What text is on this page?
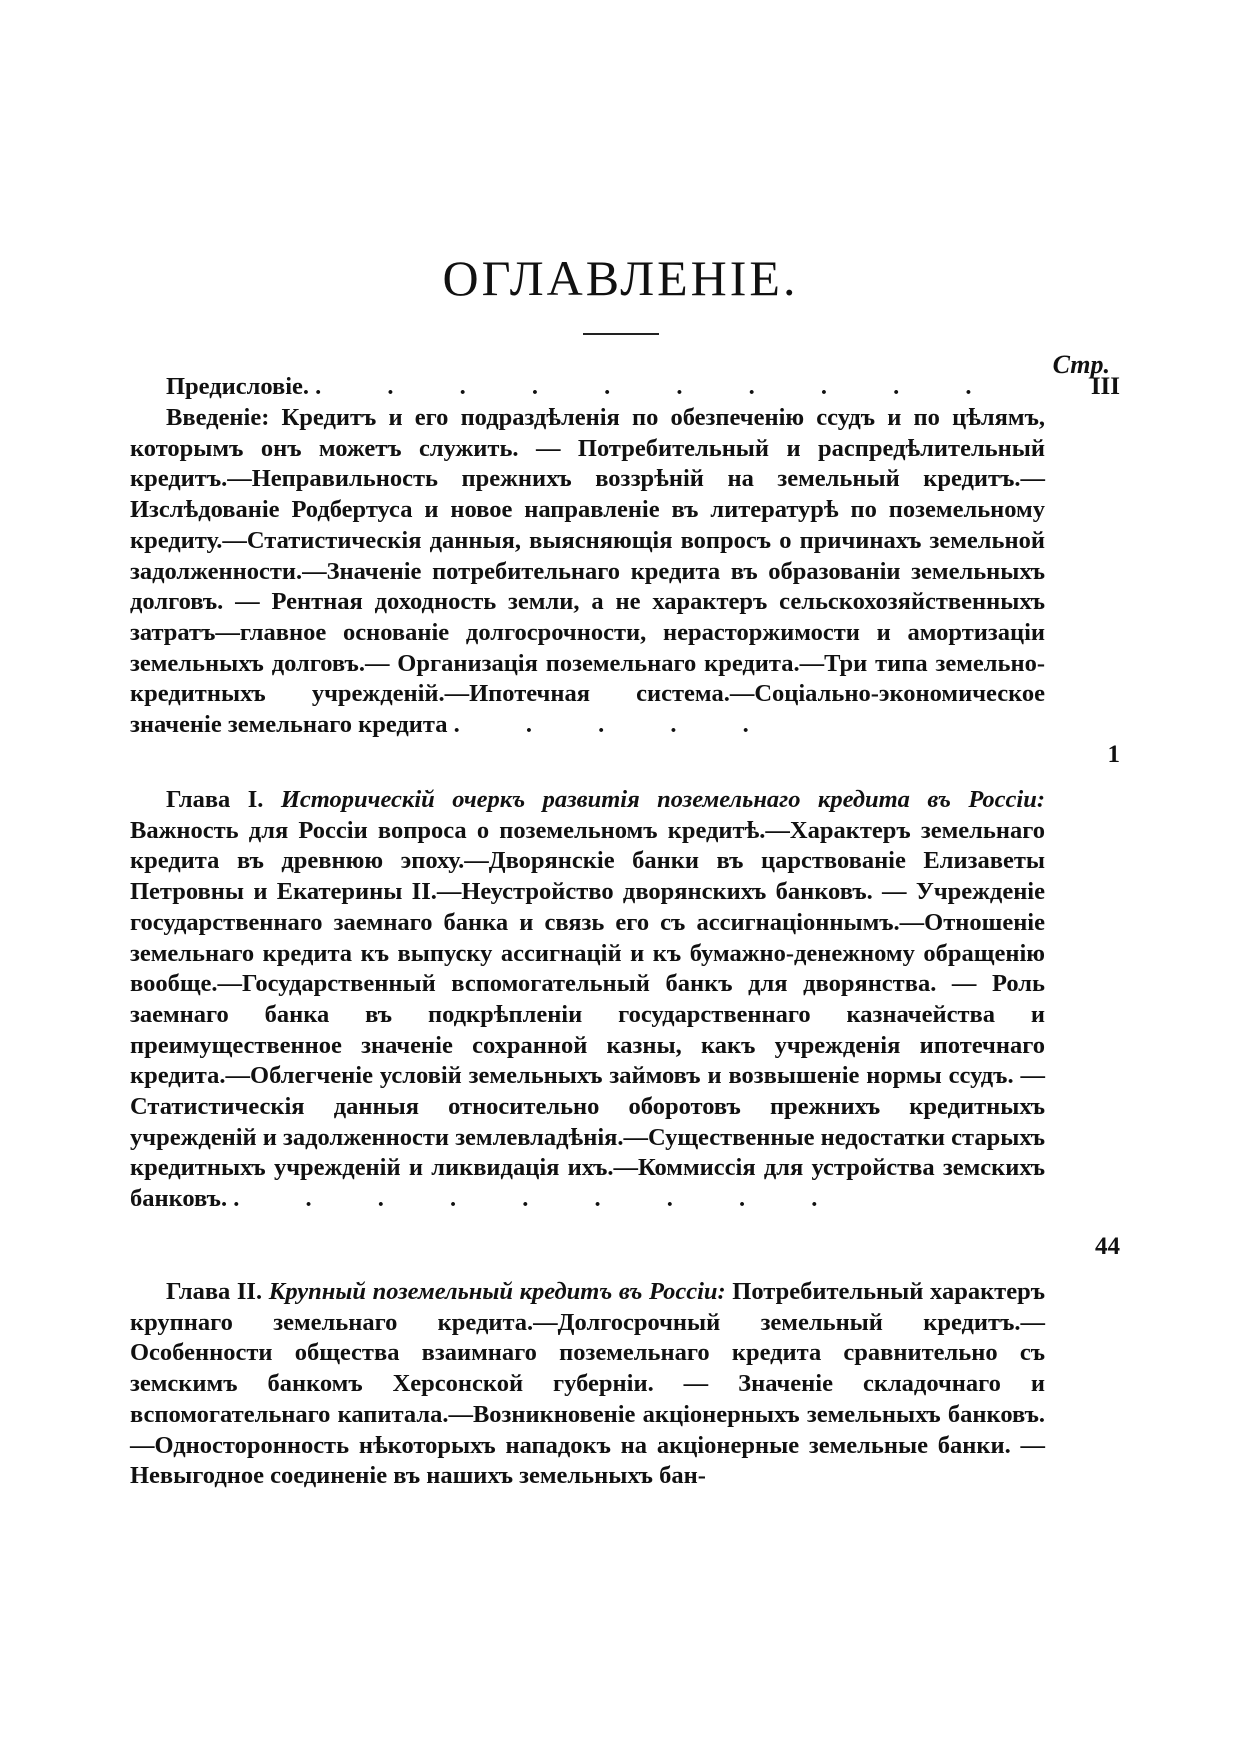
ОГЛАВЛЕНІЕ.
Стр.
Предисловіе. . . . . . . . . . .	III
Введеніе: Кредитъ и его подраздѣленія по обезпеченію ссудъ и по цѣлямъ, которымъ онъ можетъ служить. — Потребительный и распредѣлительный кредитъ.—Неправильность прежнихъ воззрѣній на земельный кредитъ.— Изслѣдованіе Родбертуса и новое направленіе въ литературѣ по поземельному кредиту.—Статистическія данныя, выясняющія вопросъ о причинахъ земельной задолженности.—Значеніе потребительнаго кредита въ образованіи земельныхъ долговъ. — Рентная доходность земли, а не характеръ сельскохозяйственныхъ затратъ—главное основаніе долгосрочности, нерасторжимости и амортизаціи земельныхъ долговъ.— Организація поземельнаго кредита.—Три типа земельно-кредитныхъ учрежденій.—Ипотечная система.—Соціально-экономическое значеніе земельнаго кредита . . . . .
1
Глава I. Историческій очеркъ развитія поземельнаго кредита въ Россіи: Важность для Россіи вопроса о поземельномъ кредитѣ.—Характеръ земельнаго кредита въ древнюю эпоху.—Дворянскіе банки въ царствованіе Елизаветы Петровны и Екатерины II.—Неустройство дворянскихъ банковъ. — Учрежденіе государственнаго заемнаго банка и связь его съ ассигнаціоннымъ.—Отношеніе земельнаго кредита къ выпуску ассигнацій и къ бумажно-денежному обращенію вообще.—Государственный вспомогательный банкъ для дворянства. — Роль заемнаго банка въ подкрѣпленіи государственнаго казначейства и преимущественное значеніе сохранной казны, какъ учрежденія ипотечнаго кредита.—Облегченіе условій земельныхъ займовъ и возвышеніе нормы ссудъ. — Статистическія данныя относительно оборотовъ прежнихъ кредитныхъ учрежденій и задолженности землевладѣнія.—Существенные недостатки старыхъ кредитныхъ учрежденій и ликвидація ихъ.—Коммиссія для устройства земскихъ банковъ. . . . . . . . . .
44
Глава II. Крупный поземельный кредитъ въ Россіи: Потребительный характеръ крупнаго земельнаго кредита.—Долгосрочный земельный кредитъ.— Особенности общества взаимнаго поземельнаго кредита сравнительно съ земскимъ банкомъ Херсонской губерніи. — Значеніе складочнаго и вспомогательнаго капитала.—Возникновеніе акціонерныхъ земельныхъ банковъ.—Односторонность нѣкоторыхъ нападокъ на акціонерные земельные банки. — Невыгодное соединеніе въ нашихъ земельныхъ бан-
